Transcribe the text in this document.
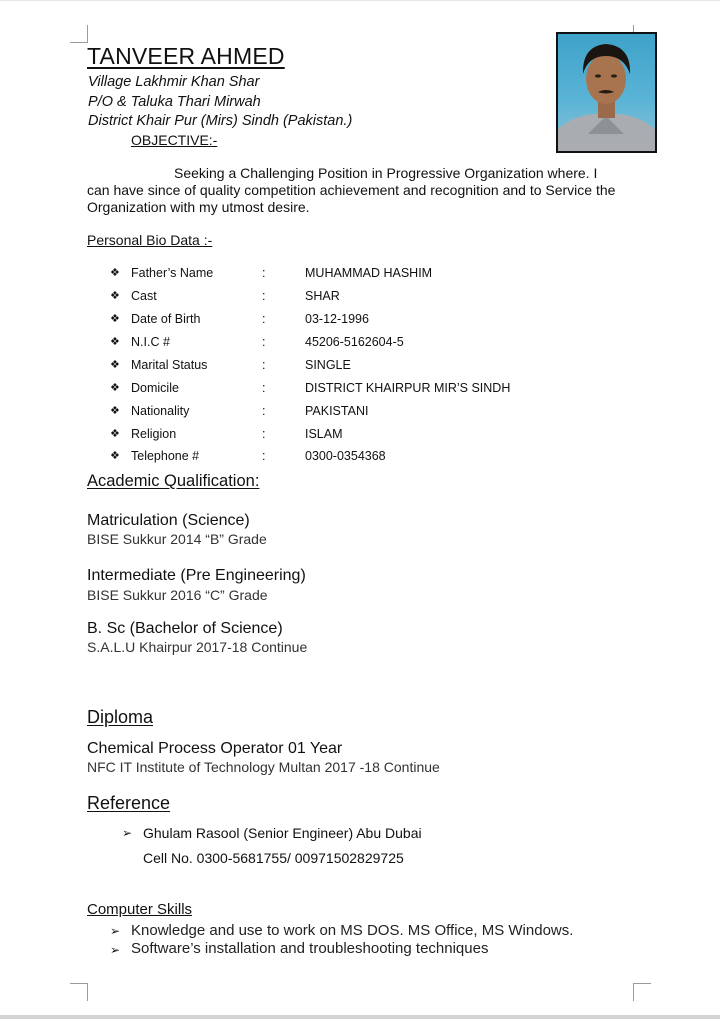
TANVEER AHMED
Village Lakhmir Khan Shar
P/O & Taluka Thari Mirwah
District Khair Pur (Mirs) Sindh (Pakistan.)
OBJECTIVE:-
Seeking a Challenging Position in Progressive Organization where. I can have since of quality competition achievement and recognition and to Service the Organization with my utmost desire.
Personal Bio Data :-
❖ Father’s Name	:	MUHAMMAD HASHIM
❖ Cast	:	SHAR
❖ Date of Birth	:	03-12-1996
❖ N.I.C #	:	45206-5162604-5
❖ Marital Status	:	SINGLE
❖ Domicile	:	DISTRICT KHAIRPUR MIR’S SINDH
❖ Nationality	:	PAKISTANI
❖ Religion	:	ISLAM
❖ Telephone #	:	0300-0354368
Academic Qualification:
Matriculation (Science)
BISE Sukkur 2014 “B” Grade
Intermediate (Pre Engineering)
BISE Sukkur 2016 “C” Grade
B. Sc (Bachelor of Science)
S.A.L.U Khairpur 2017-18 Continue
Diploma
Chemical Process Operator 01 Year
NFC IT Institute of Technology Multan 2017 -18 Continue
Reference
➢ Ghulam Rasool (Senior Engineer) Abu Dubai
Cell No. 0300-5681755/ 00971502829725
Computer Skills
➢ Knowledge and use to work on MS DOS. MS Office, MS Windows.
➢ Software’s installation and troubleshooting techniques
